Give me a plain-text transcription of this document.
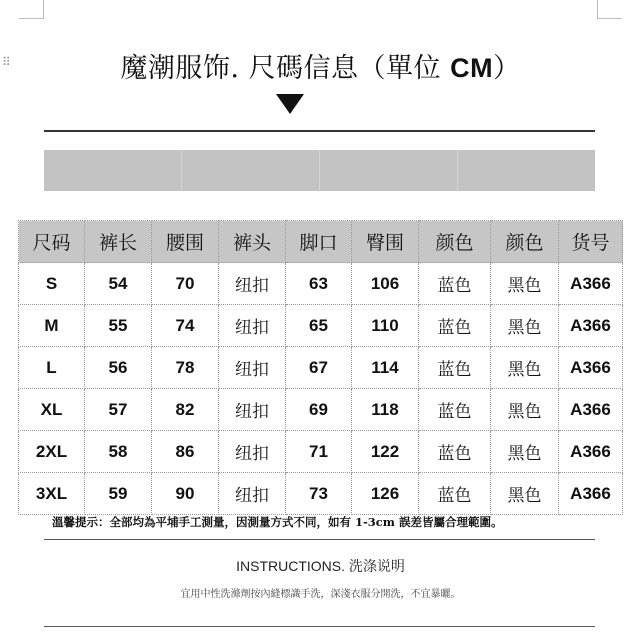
⠿	魔潮服饰. 尺碼信息（單位 CM）
尺码	裤长	腰围	裤头	脚口	臀围	颜色	颜色	货号
S	54	70	纽扣	63	106	蓝色	黑色	A366
M	55	74	纽扣	65	110	蓝色	黑色	A366
L	56	78	纽扣	67	114	蓝色	黑色	A366
XL	57	82	纽扣	69	118	蓝色	黑色	A366
2XL	58	86	纽扣	71	122	蓝色	黑色	A366
3XL	59	90	纽扣	73	126	蓝色	黑色	A366
溫馨提示：全部均為平埔手工測量，因測量方式不同，如有 1-3cm 誤差皆屬合理範圍。
INSTRUCTIONS. 洗涤说明
宜用中性洗滌劑按內縫標識手洗，深淺衣服分開洗，不宜暴曬。
